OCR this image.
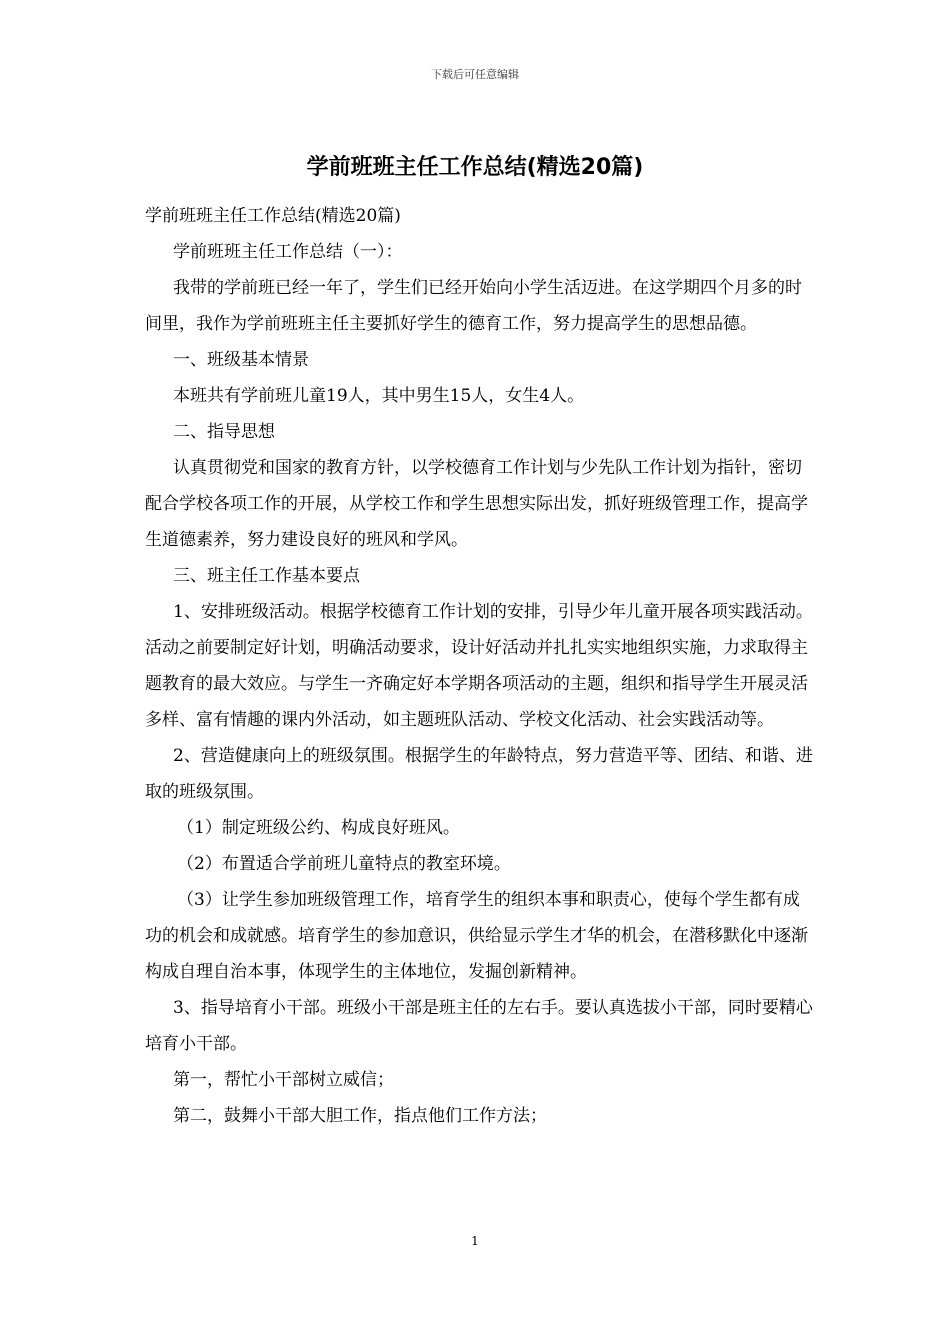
下载后可任意编辑
学前班班主任工作总结(精选20篇)

学前班班主任工作总结(精选20篇)

学前班班主任工作总结（一）：

我带的学前班已经一年了，学生们已经开始向小学生活迈进。在这学期四个月多的时间里，我作为学前班班主任主要抓好学生的德育工作，努力提高学生的思想品德。

一、班级基本情景

本班共有学前班儿童19人，其中男生15人，女生4人。

二、指导思想

认真贯彻党和国家的教育方针，以学校德育工作计划与少先队工作计划为指针，密切配合学校各项工作的开展，从学校工作和学生思想实际出发，抓好班级管理工作，提高学生道德素养，努力建设良好的班风和学风。

三、班主任工作基本要点

1、安排班级活动。根据学校德育工作计划的安排，引导少年儿童开展各项实践活动。活动之前要制定好计划，明确活动要求，设计好活动并扎扎实实地组织实施，力求取得主题教育的最大效应。与学生一齐确定好本学期各项活动的主题，组织和指导学生开展灵活多样、富有情趣的课内外活动，如主题班队活动、学校文化活动、社会实践活动等。

2、营造健康向上的班级氛围。根据学生的年龄特点，努力营造平等、团结、和谐、进取的班级氛围。

（1）制定班级公约、构成良好班风。

（2）布置适合学前班儿童特点的教室环境。

（3）让学生参加班级管理工作，培育学生的组织本事和职责心，使每个学生都有成功的机会和成就感。培育学生的参加意识，供给显示学生才华的机会，在潜移默化中逐渐构成自理自治本事，体现学生的主体地位，发掘创新精神。

3、指导培育小干部。班级小干部是班主任的左右手。要认真选拔小干部，同时要精心培育小干部。

第一，帮忙小干部树立威信；

第二，鼓舞小干部大胆工作，指点他们工作方法；

1
